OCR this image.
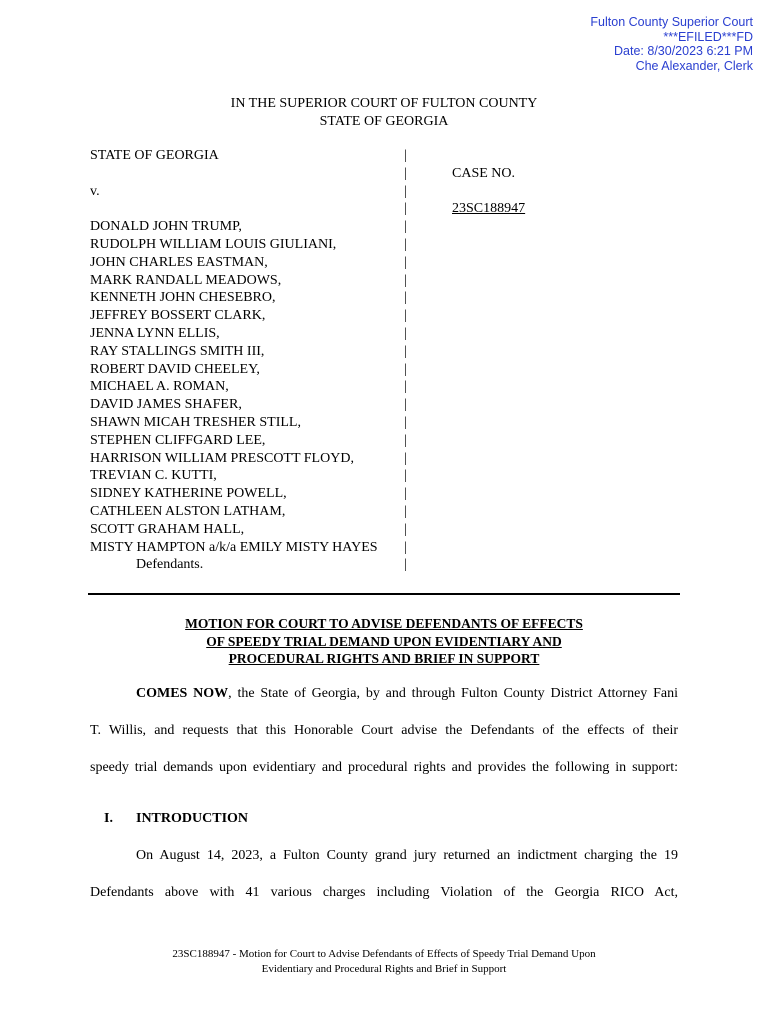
Fulton County Superior Court
***EFILED***FD
Date: 8/30/2023 6:21 PM
Che Alexander, Clerk
IN THE SUPERIOR COURT OF FULTON COUNTY
STATE OF GEORGIA
STATE OF GEORGIA
v.
DONALD JOHN TRUMP,
RUDOLPH WILLIAM LOUIS GIULIANI,
JOHN CHARLES EASTMAN,
MARK RANDALL MEADOWS,
KENNETH JOHN CHESEBRO,
JEFFREY BOSSERT CLARK,
JENNA LYNN ELLIS,
RAY STALLINGS SMITH III,
ROBERT DAVID CHEELEY,
MICHAEL A. ROMAN,
DAVID JAMES SHAFER,
SHAWN MICAH TRESHER STILL,
STEPHEN CLIFFGARD LEE,
HARRISON WILLIAM PRESCOTT FLOYD,
TREVIAN C. KUTTI,
SIDNEY KATHERINE POWELL,
CATHLEEN ALSTON LATHAM,
SCOTT GRAHAM HALL,
MISTY HAMPTON a/k/a EMILY MISTY HAYES
Defendants.
|
|
|
|
|
|
|
|
|
|
|
|
|
|
|
|
|
|
|
|
|
|
|
|
CASE NO.
23SC188947
MOTION FOR COURT TO ADVISE DEFENDANTS OF EFFECTS
OF SPEEDY TRIAL DEMAND UPON EVIDENTIARY AND
PROCEDURAL RIGHTS AND BRIEF IN SUPPORT
COMES NOW, the State of Georgia, by and through Fulton County District Attorney Fani
T. Willis, and requests that this Honorable Court advise the Defendants of the effects of their
speedy trial demands upon evidentiary and procedural rights and provides the following in support:
I. INTRODUCTION
On August 14, 2023, a Fulton County grand jury returned an indictment charging the 19
Defendants above with 41 various charges including Violation of the Georgia RICO Act,
23SC188947 - Motion for Court to Advise Defendants of Effects of Speedy Trial Demand Upon
Evidentiary and Procedural Rights and Brief in Support
